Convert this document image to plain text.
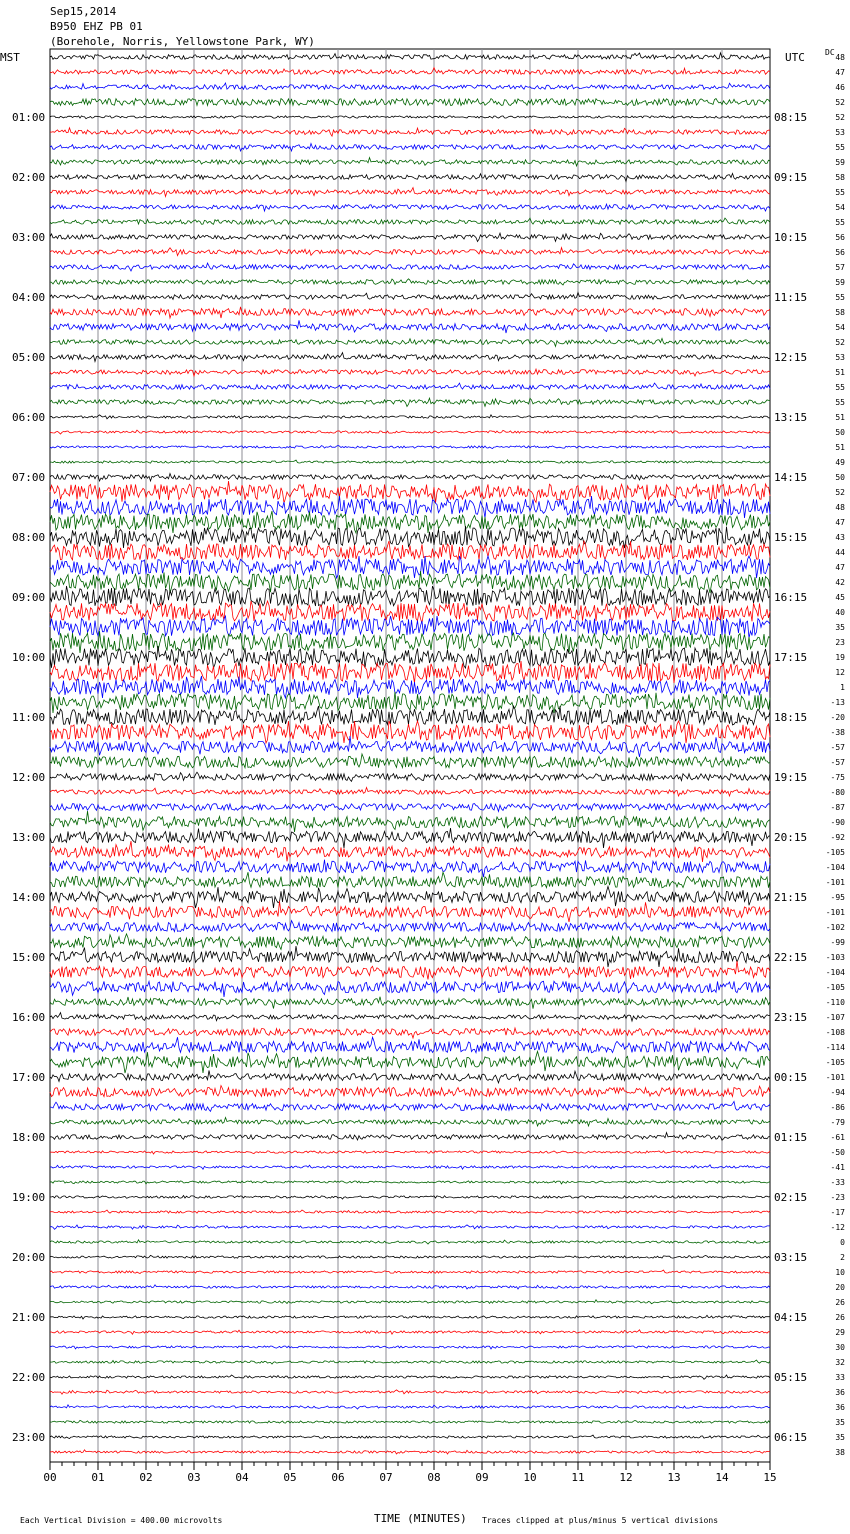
Sep15,2014
B950 EHZ PB 01
(Borehole, Norris, Yellowstone Park, WY)
MST	UTC	DC
01:00	08:15
02:00	09:15
03:00	10:15
04:00	11:15
05:00	12:15
06:00	13:15
07:00	14:15
08:00	15:15
09:00	16:15
10:00	17:15
11:00	18:15
12:00	19:15
13:00	20:15
14:00	21:15
15:00	22:15
16:00	23:15
17:00	00:15
18:00	01:15
19:00	02:15
20:00	03:15
21:00	04:15
22:00	05:15
23:00	06:15
48
47
46
52
52
53
55
59
58
55
54
55
56
56
57
59
55
58
54
52
53
51
55
55
51
50
51
49
50
52
48
47
43
44
47
42
45
40
35
23
19
12
1
-13
-20
-38
-57
-57
-75
-80
-87
-90
-92
-105
-104
-101
-95
-101
-102
-99
-103
-104
-105
-110
-107
-108
-114
-105
-101
-94
-86
-79
-61
-50
-41
-33
-23
-17
-12
0
2
10
20
26
26
29
30
32
33
36
36
35
35
38
00	01	02	03	04	05	06	07	08	09	10	11	12	13	14	15
Each Vertical Division = 400.00 microvolts	TIME (MINUTES) Traces clipped at plus/minus 5 vertical divisions
